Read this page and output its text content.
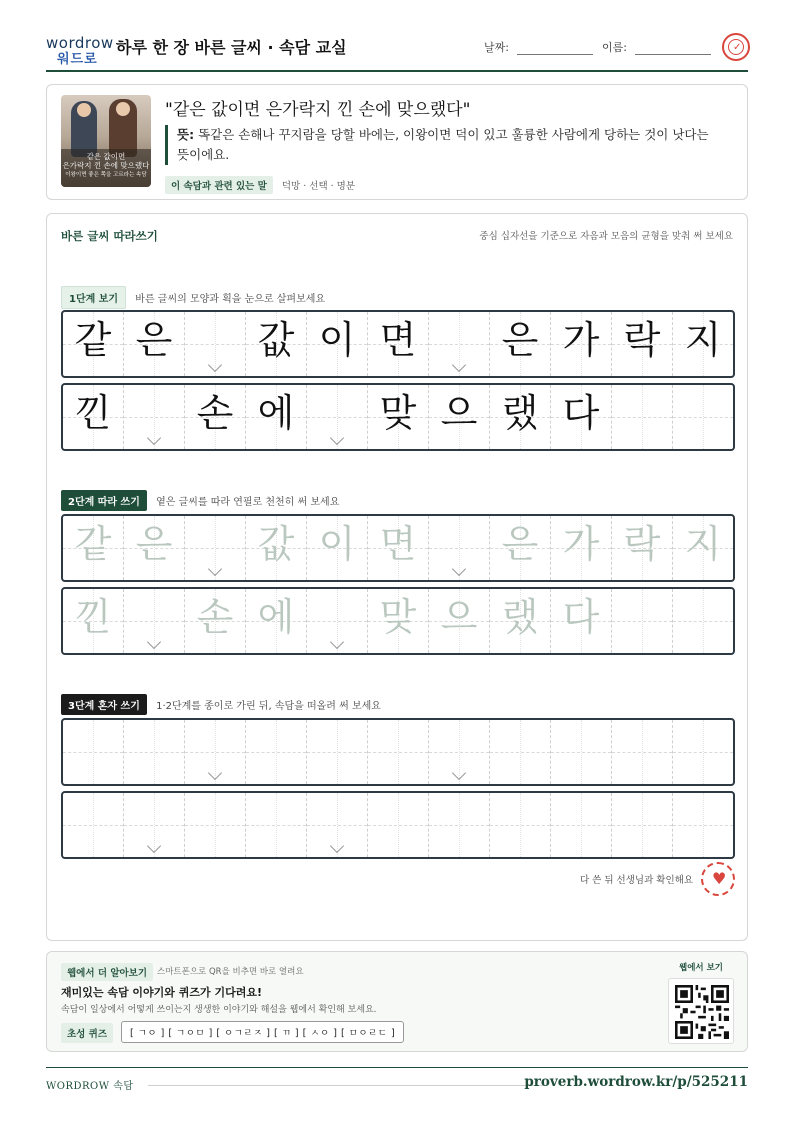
wordrow
워드로
하루 한 장 바른 글씨 · 속담 교실	날짜:	이름:	✓
같은 값이면
은가락지 낀 손에 맞으랬다
이왕이면 좋은 쪽을 고르라는 속담
"같은 값이면 은가락지 낀 손에 맞으랬다"
뜻: 똑같은 손해나 꾸지람을 당할 바에는, 이왕이면 덕이 있고 훌륭한 사람에게 당하는 것이 낫다는 뜻이에요.
이 속담과 관련 있는 말 덕망 · 선택 · 명분
바른 글씨 따라쓰기	중심 십자선을 기준으로 자음과 모음의 균형을 맞춰 써 보세요
1단계 보기 바른 글씨의 모양과 획을 눈으로 살펴보세요
같 은	값 이 면	은 가 락 지
낀	손 에	맞 으 랬 다
2단계 따라 쓰기 옅은 글씨를 따라 연필로 천천히 써 보세요
같 은	값 이 면	은 가 락 지
낀	손 에	맞 으 랬 다
3단계 혼자 쓰기 1·2단계를 종이로 가린 뒤, 속담을 떠올려 써 보세요
다 쓴 뒤 선생님과 확인해요 ♥
웹에서 더 알아보기	스마트폰으로 QR을 비추면 바로 열려요
재미있는 속담 이야기와 퀴즈가 기다려요!
속담이 일상에서 어떻게 쓰이는지 생생한 이야기와 해설을 웹에서 확인해 보세요.
초성 퀴즈	[ ㄱㅇ ] [ ㄱㅇㅁ ] [ ㅇㄱㄹㅈ ] [ ㄲ ] [ ㅅㅇ ] [ ㅁㅇㄹㄷ ]
웹에서 보기
WORDROW 속담	proverb.wordrow.kr/p/525211
